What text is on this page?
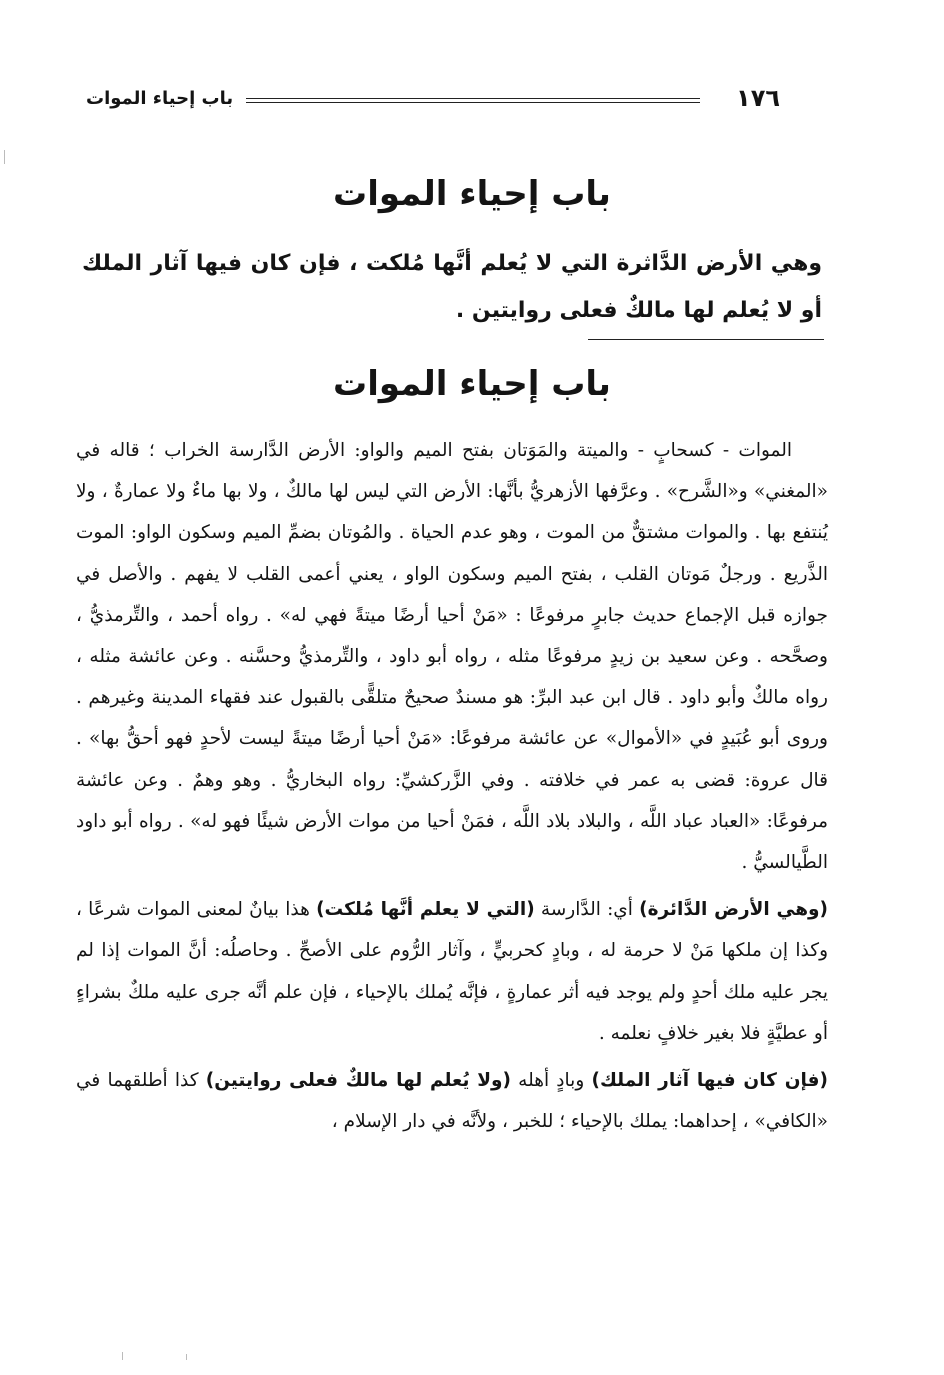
١٧٦
باب إحياء الموات
باب إحياء الموات
وهي الأرض الدَّاثرة التي لا يُعلم أنَّها مُلكت ، فإن كان فيها آثار الملك أو لا يُعلم لها مالكٌ فعلى روايتين .
باب إحياء الموات

الموات - كسحابٍ - والميتة والمَوَتان بفتح الميم والواو: الأرض الدَّارسة الخراب ؛ قاله في «المغني» و«الشَّرح» . وعرَّفها الأزهريُّ بأنَّها: الأرض التي ليس لها مالكٌ ، ولا بها ماءٌ ولا عمارةٌ ، ولا يُنتفع بها . والموات مشتقٌّ من الموت ، وهو عدم الحياة . والمُوتان بضمِّ الميم وسكون الواو: الموت الذَّريع . ورجلٌ مَوتان القلب ، بفتح الميم وسكون الواو ، يعني أعمى القلب لا يفهم . والأصل في جوازه قبل الإجماع حديث جابرٍ مرفوعًا : «مَنْ أحيا أرضًا ميتةً فهي له» . رواه أحمد ، والتِّرمذيُّ ، وصحَّحه . وعن سعيد بن زيدٍ مرفوعًا مثله ، رواه أبو داود ، والتِّرمذيُّ وحسَّنه . وعن عائشة مثله ، رواه مالكٌ وأبو داود . قال ابن عبد البرِّ: هو مسندٌ صحيحٌ متلقًّى بالقبول عند فقهاء المدينة وغيرهم . وروى أبو عُبَيدٍ في «الأموال» عن عائشة مرفوعًا: «مَنْ أحيا أرضًا ميتةً ليست لأحدٍ فهو أحقُّ بها» . قال عروة: قضى به عمر في خلافته . وفي الزَّركشيِّ: رواه البخاريُّ . وهو وهمٌ . وعن عائشة مرفوعًا: «العباد عباد اللَّه ، والبلاد بلاد اللَّه ، فمَنْ أحيا من موات الأرض شيئًا فهو له» . رواه أبو داود الطَّيالسيُّ .

(وهي الأرض الدَّائرة) أي: الدَّارسة (التي لا يعلم أنَّها مُلكت) هذا بيانٌ لمعنى الموات شرعًا ، وكذا إن ملكها مَنْ لا حرمة له ، وبادٍ كحربيٍّ ، وآثار الرُّوم على الأصحِّ . وحاصلُه: أنَّ الموات إذا لم يجر عليه ملك أحدٍ ولم يوجد فيه أثر عمارةٍ ، فإنَّه يُملك بالإحياء ، فإن علم أنَّه جرى عليه ملكٌ بشراءٍ أو عطيَّةٍ فلا بغير خلافٍ نعلمه .

(فإن كان فيها آثار الملك) وبادٍ أهله (ولا يُعلم لها مالكٌ فعلى روايتين) كذا أطلقهما في «الكافي» ، إحداهما: يملك بالإحياء ؛ للخبر ، ولأنَّه في دار الإسلام ،
